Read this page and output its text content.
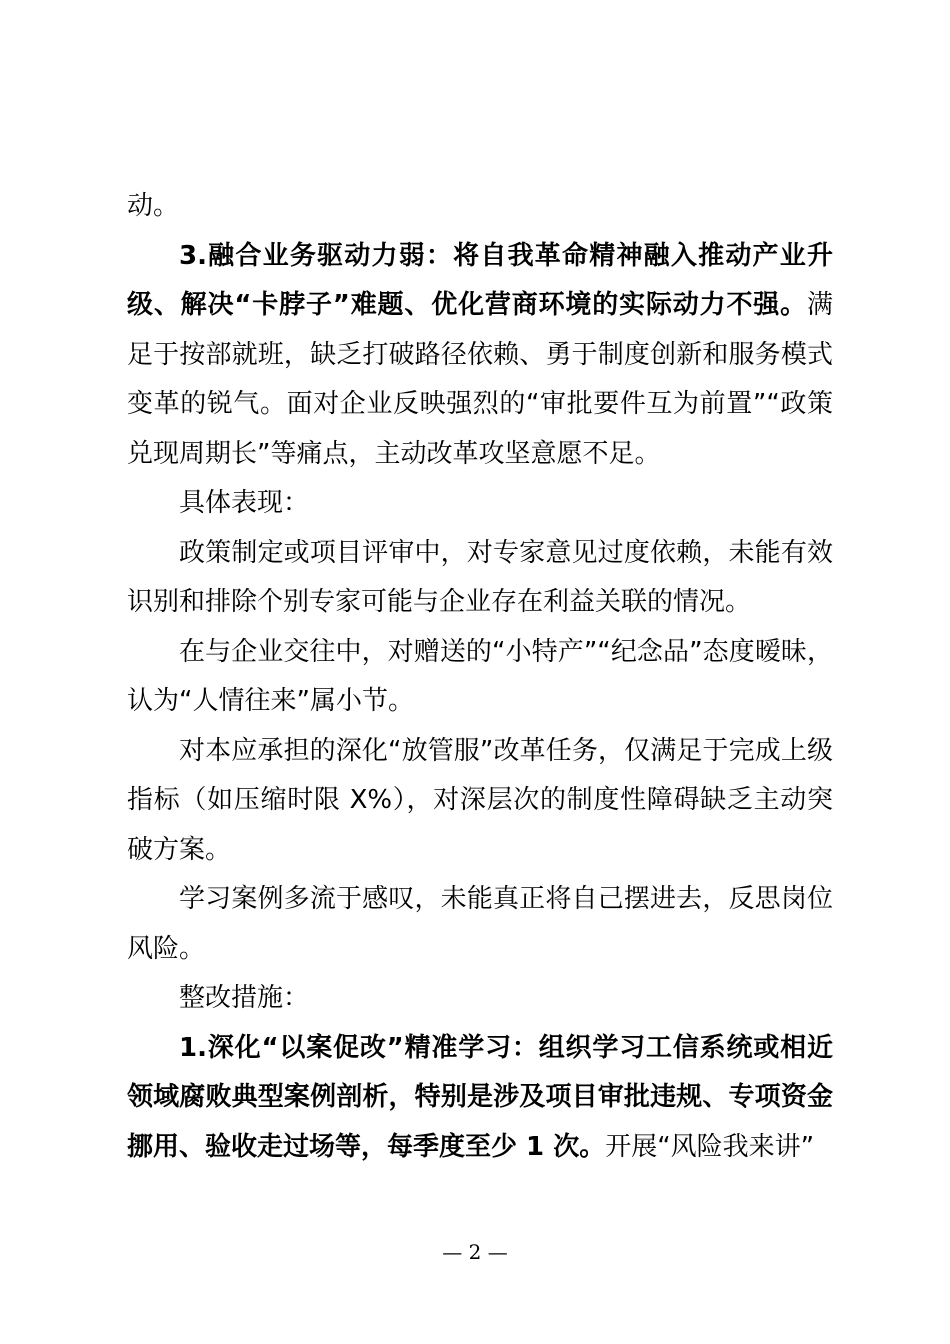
动。

3.融合业务驱动力弱：将自我革命精神融入推动产业升级、解决“卡脖子”难题、优化营商环境的实际动力不强。满足于按部就班，缺乏打破路径依赖、勇于制度创新和服务模式变革的锐气。面对企业反映强烈的“审批要件互为前置”“政策兑现周期长”等痛点，主动改革攻坚意愿不足。

具体表现：

政策制定或项目评审中，对专家意见过度依赖，未能有效识别和排除个别专家可能与企业存在利益关联的情况。

在与企业交往中，对赠送的“小特产”“纪念品”态度暧昧，认为“人情往来”属小节。

对本应承担的深化“放管服”改革任务，仅满足于完成上级指标（如压缩时限 X%），对深层次的制度性障碍缺乏主动突破方案。

学习案例多流于感叹，未能真正将自己摆进去，反思岗位风险。

整改措施：

1.深化“以案促改”精准学习：组织学习工信系统或相近领域腐败典型案例剖析，特别是涉及项目审批违规、专项资金挪用、验收走过场等，每季度至少 1 次。开展“风险我来讲”

— 2 —
